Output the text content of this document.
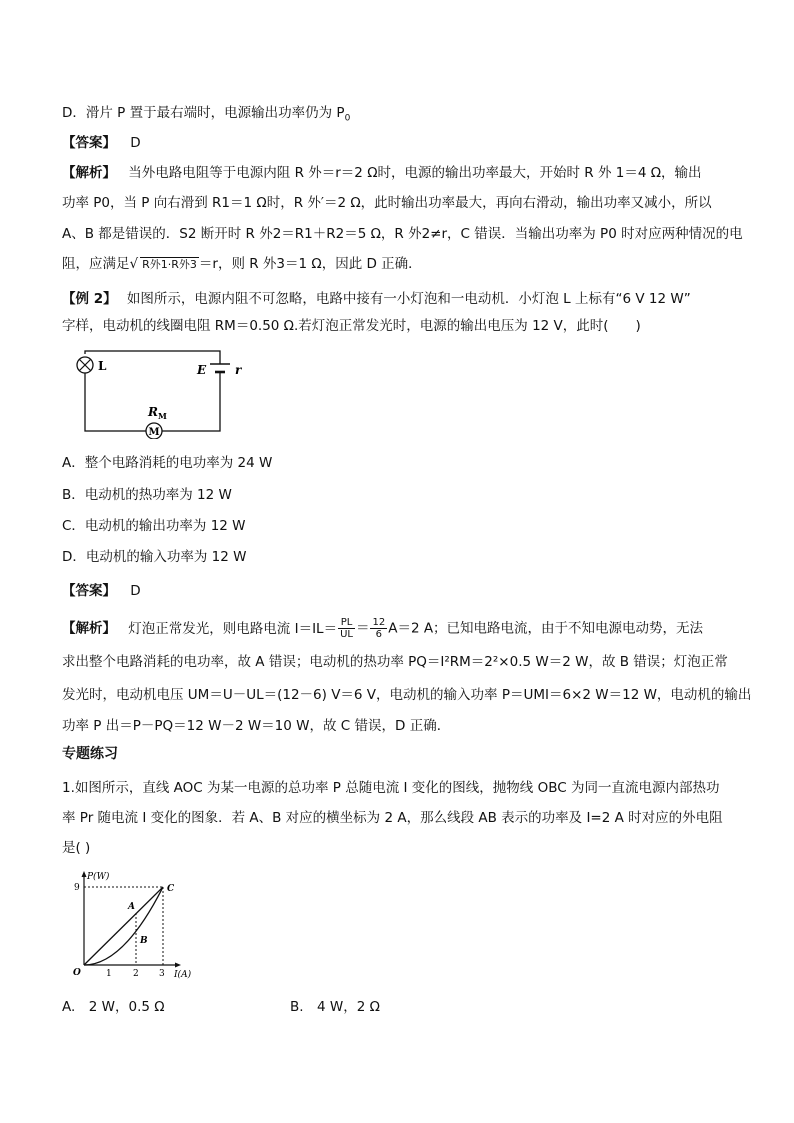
D．滑片 P 置于最右端时，电源输出功率仍为 $P_0$
【答案】 D
【解析】 当外电路电阻等于电源内阻 R 外＝r＝2 Ω时，电源的输出功率最大，开始时 R 外 1＝4 Ω，输出
功率 P0，当 P 向右滑到 R1＝1 Ω时，R 外′＝2 Ω，此时输出功率最大，再向右滑动，输出功率又减小，所以
A、B 都是错误的．S2 断开时 R 外2＝R1＋R2＝5 Ω，R 外2≠r，C 错误．当输出功率为 P0 时对应两种情况的电
阻，应满足√ R外1·R外3 ＝r，则 R 外3＝1 Ω，因此 D 正确．
【例 2】 如图所示，电源内阻不可忽略，电路中接有一小灯泡和一电动机．小灯泡 L 上标有“6 V 12 W”
字样，电动机的线圈电阻 RM＝0.50 Ω.若灯泡正常发光时，电源的输出电压为 12 V，此时(　　)
L	E r
M
$R_M$
A．整个电路消耗的电功率为 24 W
B．电动机的热功率为 12 W
C．电动机的输出功率为 12 W
D．电动机的输入功率为 12 W
【答案】 D
【解析】 灯泡正常发光，则电路电流 $I=IL= \frac{PL}{UL} = \frac{12}{6} A=2$ A；已知电路电流，由于不知电源电动势，无法
求出整个电路消耗的电功率，故 A 错误；电动机的热功率 PQ＝I²RM＝2²×0.5 W＝2 W，故 B 错误；灯泡正常
发光时，电动机电压 UM＝U－UL＝(12－6) V＝6 V，电动机的输入功率 P＝UMI＝6×2 W＝12 W，电动机的输出
功率 P 出＝P－PQ＝12 W－2 W＝10 W，故 C 错误，D 正确．
专题练习
1.如图所示，直线 AOC 为某一电源的总功率 P 总随电流 I 变化的图线，抛物线 OBC 为同一直流电源内部热功
率 Pr 随电流 I 变化的图象．若 A、B 对应的横坐标为 2 A，那么线段 AB 表示的功率及 I=2 A 时对应的外电阻
是( )
P(W)
I(A)
9
O	1 2 3
A
B
C
A.　2 W，0.5 Ω	B.　4 W，2 Ω
